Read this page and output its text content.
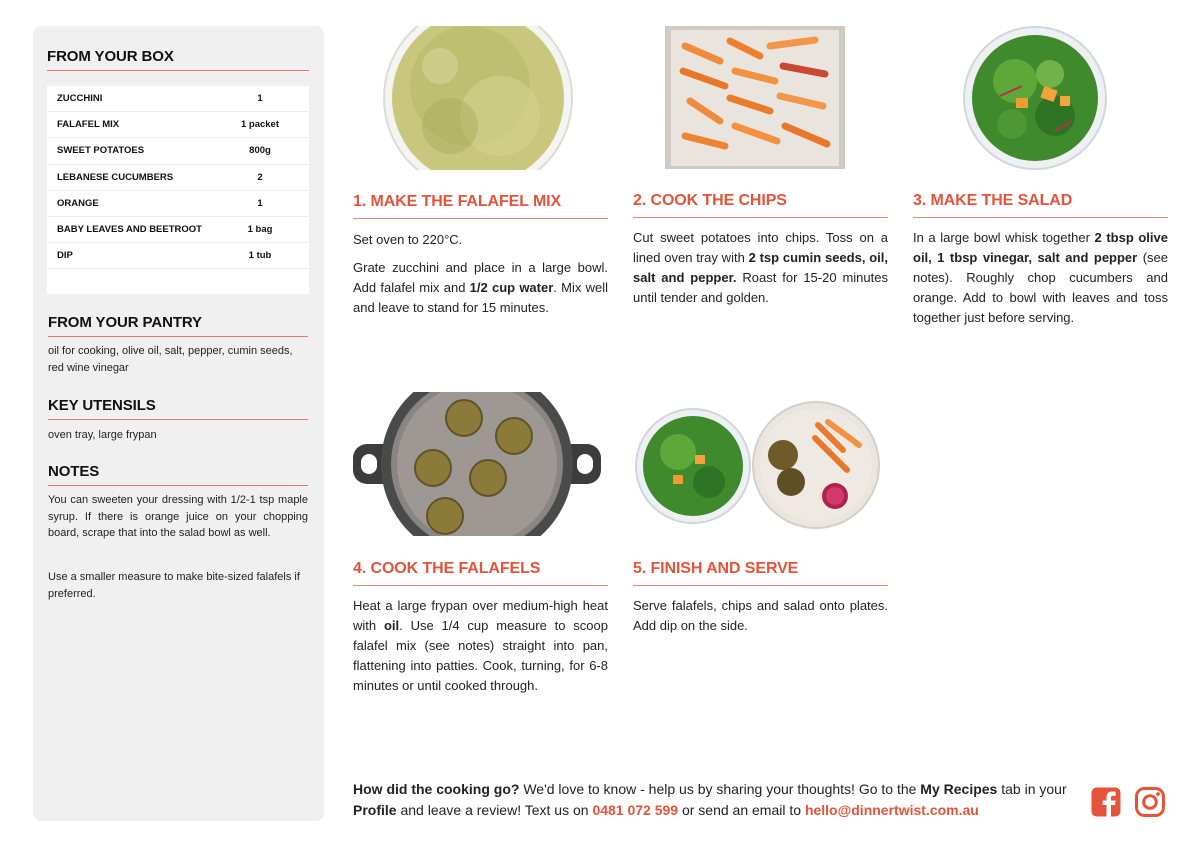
FROM YOUR BOX
ZUCCHINI	1
FALAFEL MIX	1 packet
SWEET POTATOES	800g
LEBANESE CUCUMBERS	2
ORANGE	1
BABY LEAVES AND BEETROOT	1 bag
DIP	1 tub
FROM YOUR PANTRY
oil for cooking, olive oil, salt, pepper, cumin seeds, red wine vinegar
KEY UTENSILS
oven tray, large frypan
NOTES
You can sweeten your dressing with 1/2-1 tsp maple syrup. If there is orange juice on your chopping board, scrape that into the salad bowl as well.
Use a smaller measure to make bite-sized falafels if preferred.
1. MAKE THE FALAFEL MIX

Set oven to 220°C.

Grate zucchini and place in a large bowl. Add falafel mix and 1/2 cup water. Mix well and leave to stand for 15 minutes.

2. COOK THE CHIPS

Cut sweet potatoes into chips. Toss on a lined oven tray with 2 tsp cumin seeds, oil, salt and pepper. Roast for 15-20 minutes until tender and golden.

3. MAKE THE SALAD

In a large bowl whisk together 2 tbsp olive oil, 1 tbsp vinegar, salt and pepper (see notes). Roughly chop cucumbers and orange. Add to bowl with leaves and toss together just before serving.

4. COOK THE FALAFELS

Heat a large frypan over medium-high heat with oil. Use 1/4 cup measure to scoop falafel mix (see notes) straight into pan, flattening into patties. Cook, turning, for 6-8 minutes or until cooked through.

5. FINISH AND SERVE

Serve falafels, chips and salad onto plates. Add dip on the side.

How did the cooking go? We'd love to know - help us by sharing your thoughts! Go to the My Recipes tab in your Profile and leave a review! Text us on 0481 072 599 or send an email to hello@dinnertwist.com.au
